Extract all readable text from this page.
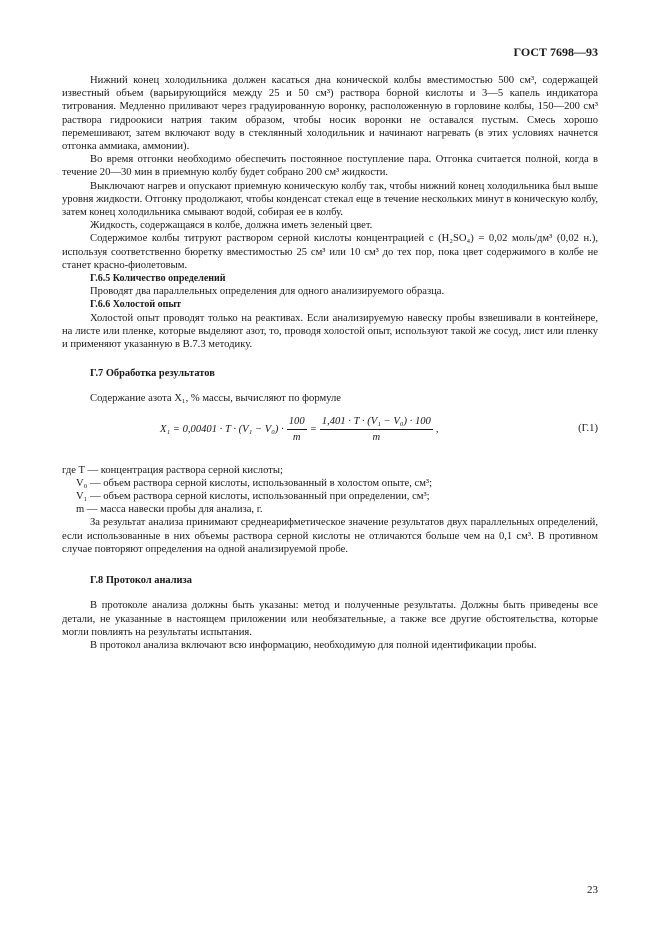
ГОСТ 7698—93

Нижний конец холодильника должен касаться дна конической колбы вместимостью 500 см³, содержащей известный объем (варьирующийся между 25 и 50 см³) раствора борной кислоты и 3—5 капель индикатора титрования. Медленно приливают через градуированную воронку, расположенную в горловине колбы, 150—200 см³ раствора гидроокиси натрия таким образом, чтобы носик воронки не оставался пустым. Смесь хорошо перемешивают, затем включают воду в стеклянный холодильник и начинают нагревать (в этих условиях начнется отгонка аммиака, аммонии).

Во время отгонки необходимо обеспечить постоянное поступление пара. Отгонка считается полной, когда в течение 20—30 мин в приемную колбу будет собрано 200 см³ жидкости.

Выключают нагрев и опускают приемную коническую колбу так, чтобы нижний конец холодильника был выше уровня жидкости. Отгонку продолжают, чтобы конденсат стекал еще в течение нескольких минут в коническую колбу, затем конец холодильника смывают водой, собирая ее в колбу.

Жидкость, содержащаяся в колбе, должна иметь зеленый цвет.

Содержимое колбы титруют раствором серной кислоты концентрацией c (H₂SO₄) = 0,02 моль/дм³ (0,02 н.), используя соответственно бюретку вместимостью 25 см³ или 10 см³ до тех пор, пока цвет содержимого в колбе не станет красно-фиолетовым.

Г.6.5 Количество определений

Проводят два параллельных определения для одного анализируемого образца.

Г.6.6 Холостой опыт

Холостой опыт проводят только на реактивах. Если анализируемую навеску пробы взвешивали в контейнере, на листе или пленке, которые выделяют азот, то, проводя холостой опыт, используют такой же сосуд, лист или пленку и применяют указанную в В.7.3 методику.

Г.7 Обработка результатов

Содержание азота X₁, % массы, вычисляют по формуле

$X_1 = 0,00401 \cdot T \cdot (V_1 - V_0) \cdot \frac{100}{m} = \frac{\text{1,401 · T · (V₁ − V₀) · 100}}{m}$ ,	(Г.1)

где T — концентрация раствора серной кислоты;

V₀ — объем раствора серной кислоты, использованный в холостом опыте, см³;

V₁ — объем раствора серной кислоты, использованный при определении, см³;

m — масса навески пробы для анализа, г.

За результат анализа принимают среднеарифметическое значение результатов двух параллельных определений, если использованные в них объемы раствора серной кислоты не отличаются больше чем на 0,1 см³. В противном случае повторяют определения на одной анализируемой пробе.

Г.8 Протокол анализа

В протоколе анализа должны быть указаны: метод и полученные результаты. Должны быть приведены все детали, не указанные в настоящем приложении или необязательные, а также все другие обстоятельства, которые могли повлиять на результаты испытания.

В протокол анализа включают всю информацию, необходимую для полной идентификации пробы.

23
